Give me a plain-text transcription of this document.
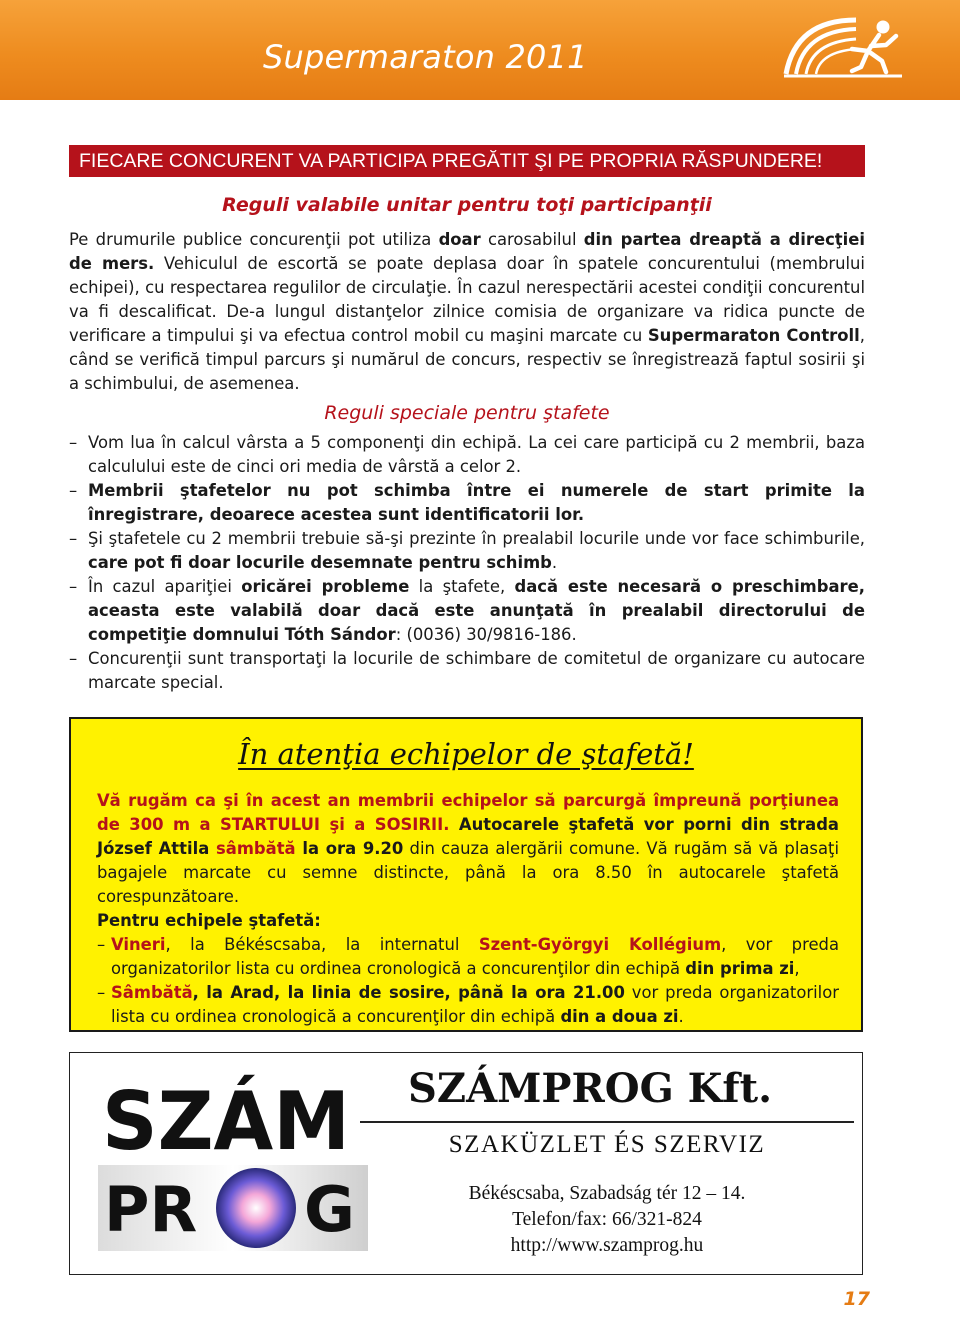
Supermaraton 2011
FIECARE CONCURENT VA PARTICIPA PREGĂTIT ŞI PE PROPRIA RĂSPUNDERE!
Reguli valabile unitar pentru toţi participanţii

Pe drumurile publice concurenţii pot utiliza doar carosabilul din partea dreaptă a direcţiei de mers. Vehiculul de escortă se poate deplasa doar în spatele concurentului (membrului echipei), cu respectarea regulilor de circulaţie. În cazul nerespectării acestei condiţii concurentul va fi descalificat. De-a lungul distanţelor zilnice comisia de organizare va ridica puncte de verificare a timpului şi va efectua control mobil cu maşini marcate cu Supermaraton Controll, când se verifică timpul parcurs şi numărul de concurs, respectiv se înregistrează faptul sosirii şi a schimbului, de asemenea.

Reguli speciale pentru ştafete
– Vom lua în calcul vârsta a 5 componenţi din echipă. La cei care participă cu 2 membrii, baza calculului este de cinci ori media de vârstă a celor 2.
– Membrii ştafetelor nu pot schimba între ei numerele de start primite la înregistrare, deoarece acestea sunt identificatorii lor.
– Şi ştafetele cu 2 membrii trebuie să-şi prezinte în prealabil locurile unde vor face schimburile, care pot fi doar locurile desemnate pentru schimb.
– În cazul apariţiei oricărei probleme la ştafete, dacă este necesară o preschimbare, aceasta este valabilă doar dacă este anunţată în prealabil directorului de competiţie domnului Tóth Sándor: (0036) 30/9816-186.
– Concurenţii sunt transportaţi la locurile de schimbare de comitetul de organizare cu autocare marcate special.
În atenţia echipelor de ştafetă!

Vă rugăm ca şi în acest an membrii echipelor să parcurgă împreună porţiunea de 300 m a STARTULUI şi a SOSIRII. Autocarele ştafetă vor porni din strada József Attila sâmbătă la ora 9.20 din cauza alergării comune. Vă rugăm să vă plasaţi bagajele marcate cu semne distincte, până la ora 8.50 în autocarele ştafetă corespunzătoare.

Pentru echipele ştafetă:

– Vineri, la Békéscsaba, la internatul Szent-Györgyi Kollégium, vor preda organizatorilor lista cu ordinea cronologică a concurenţilor din echipă din prima zi,
– Sâmbătă, la Arad, la linia de sosire, până la ora 21.00 vor preda organizatorilor lista cu ordinea cronologică a concurenţilor din echipă din a doua zi.
SZÁM
PR G
SZÁMPROG Kft.
SZAKÜZLET ÉS SZERVIZ
Békéscsaba, Szabadság tér 12 – 14.
Telefon/fax: 66/321-824
http://www.szamprog.hu
17
